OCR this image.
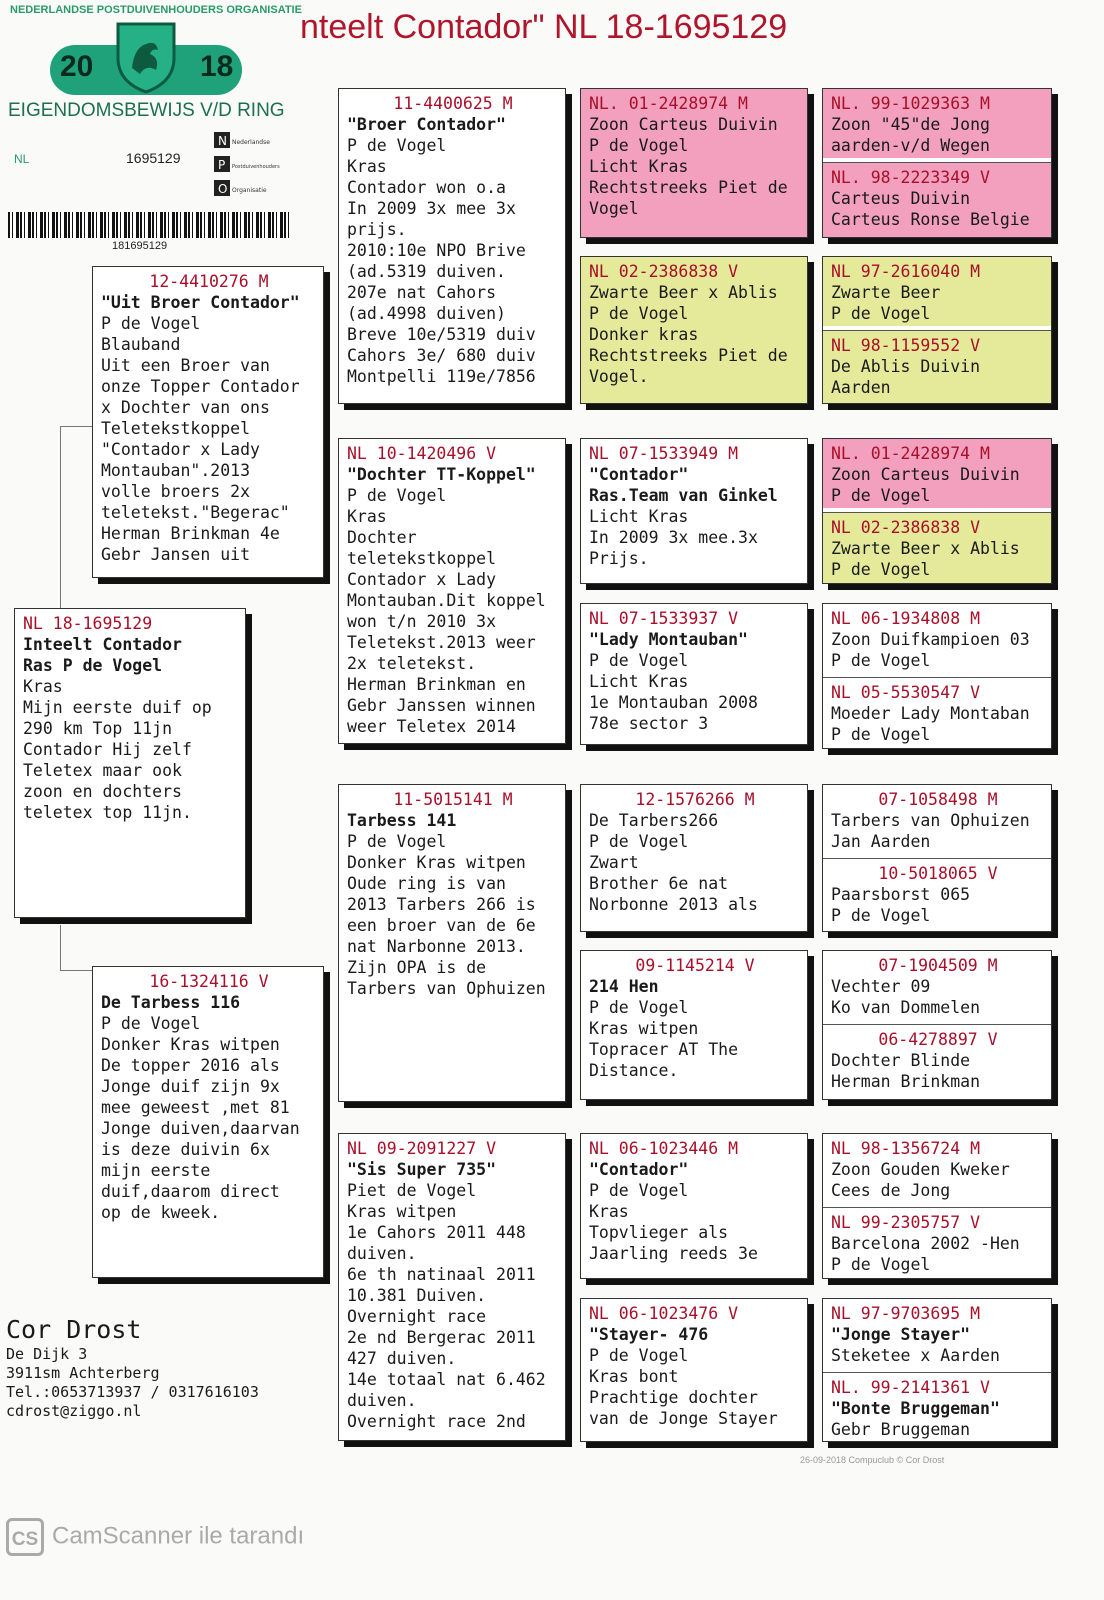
nteelt Contador" NL 18-1695129
NEDERLANDSE POSTDUIVENHOUDERS ORGANISATIE
20	18
EIGENDOMSBEWIJS V/D RING
NL	1695129
N Nederlandse
P Postduivenhouders
O Organisatie
181695129
NL 18-1695129
Inteelt Contador
Ras P de Vogel
Kras
Mijn eerste duif op
290 km Top 11jn
Contador Hij zelf
Teletex maar ook
zoon en dochters
teletex top 11jn.
12-4410276 M
"Uit Broer Contador"
P de Vogel
Blauband
Uit een Broer van
onze Topper Contador
x Dochter van ons
Teletekstkoppel
"Contador x Lady
Montauban".2013
volle broers 2x
teletekst."Begerac"
Herman Brinkman 4e
Gebr Jansen uit
16-1324116 V
De Tarbess 116
P de Vogel
Donker Kras witpen
De topper 2016 als
Jonge duif zijn 9x
mee geweest ,met 81
Jonge duiven,daarvan
is deze duivin 6x
mijn eerste
duif,daarom direct
op de kweek.
11-4400625 M
"Broer Contador"
P de Vogel
Kras
Contador won o.a
In 2009 3x mee 3x
prijs.
2010:10e NPO Brive
(ad.5319 duiven.
207e nat Cahors
(ad.4998 duiven)
Breve 10e/5319 duiv
Cahors 3e/ 680 duiv
Montpelli 119e/7856
NL 10-1420496 V
"Dochter TT-Koppel"
P de Vogel
Kras
Dochter
teletekstkoppel
Contador x Lady
Montauban.Dit koppel
won t/n 2010 3x
Teletekst.2013 weer
2x teletekst.
Herman Brinkman en
Gebr Janssen winnen
weer Teletex 2014
11-5015141 M
Tarbess 141
P de Vogel
Donker Kras witpen
Oude ring is van
2013 Tarbers 266 is
een broer van de 6e
nat Narbonne 2013.
Zijn OPA is de
Tarbers van Ophuizen
NL 09-2091227 V
"Sis Super 735"
Piet de Vogel
Kras witpen
1e Cahors 2011 448
duiven.
6e th natinaal 2011
10.381 Duiven.
Overnight race
2e nd Bergerac 2011
427 duiven.
14e totaal nat 6.462
duiven.
Overnight race 2nd
NL. 01-2428974 M
Zoon Carteus Duivin
P de Vogel
Licht Kras
Rechtstreeks Piet de
Vogel
NL 02-2386838 V
Zwarte Beer x Ablis
P de Vogel
Donker kras
Rechtstreeks Piet de
Vogel.
NL 07-1533949 M
"Contador"
Ras.Team van Ginkel
Licht Kras
In 2009 3x mee.3x
Prijs.
NL 07-1533937 V
"Lady Montauban"
P de Vogel
Licht Kras
1e Montauban 2008
78e sector 3
12-1576266 M
De Tarbers266
P de Vogel
Zwart
Brother 6e nat
Norbonne 2013 als
09-1145214 V
214 Hen
P de Vogel
Kras witpen
Topracer AT The
Distance.
NL 06-1023446 M
"Contador"
P de Vogel
Kras
Topvlieger als
Jaarling reeds 3e
NL 06-1023476 V
"Stayer- 476
P de Vogel
Kras bont
Prachtige dochter
van de Jonge Stayer
NL. 99-1029363 M
Zoon "45"de Jong
aarden-v/d Wegen
NL. 98-2223349 V
Carteus Duivin
Carteus Ronse Belgie
NL 97-2616040 M
Zwarte Beer
P de Vogel
NL 98-1159552 V
De Ablis Duivin
Aarden
NL. 01-2428974 M
Zoon Carteus Duivin
P de Vogel
NL 02-2386838 V
Zwarte Beer x Ablis
P de Vogel
NL 06-1934808 M
Zoon Duifkampioen 03
P de Vogel
NL 05-5530547 V
Moeder Lady Montaban
P de Vogel
07-1058498 M
Tarbers van Ophuizen
Jan Aarden
10-5018065 V
Paarsborst 065
P de Vogel
07-1904509 M
Vechter 09
Ko van Dommelen
06-4278897 V
Dochter Blinde
Herman Brinkman
NL 98-1356724 M
Zoon Gouden Kweker
Cees de Jong
NL 99-2305757 V
Barcelona 2002 -Hen
P de Vogel
NL 97-9703695 M
"Jonge Stayer"
Steketee x Aarden
NL. 99-2141361 V
"Bonte Bruggeman"
Gebr Bruggeman
Cor Drost
De Dijk 3
3911sm Achterberg
Tel.:0653713937 / 0317616103
cdrost@ziggo.nl
26-09-2018 Compuclub © Cor Drost
CS CamScanner ile tarandı
